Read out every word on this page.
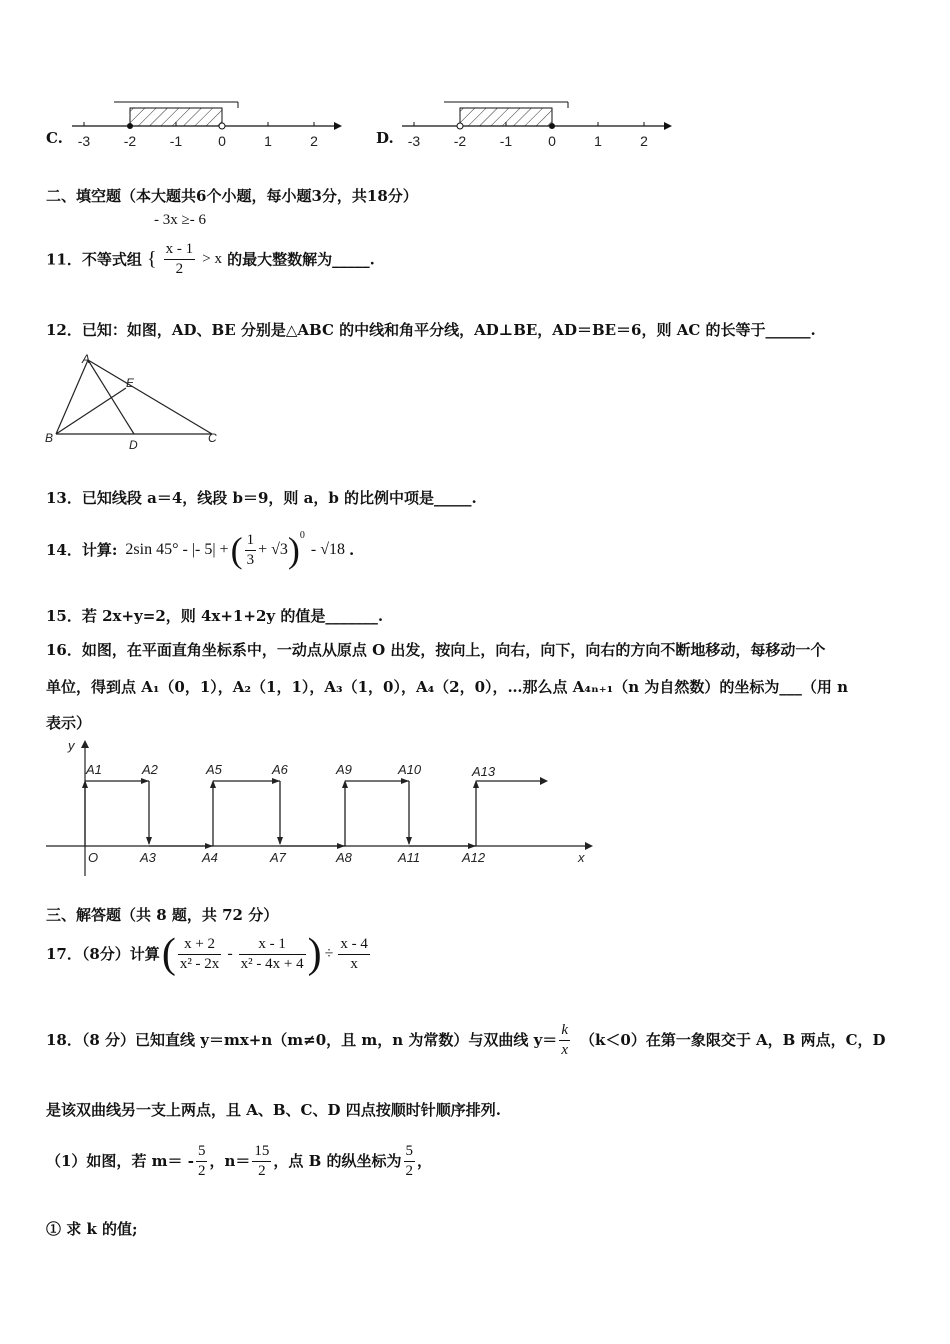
C. -3 -2 -1	0	1	2	D. -3 -2 -1	0	1	2
二、填空题（本大题共6个小题，每小题3分，共18分）
- 3x ≥- 6
11．不等式组 { $\frac{x - 1}{2} > x$ 的最大整数解为_____.
12．已知：如图，AD、BE 分别是△ABC 的中线和角平分线，AD⊥BE，AD＝BE＝6，则 AC 的长等于______.
A
E
B	D	C
13．已知线段 a＝4，线段 b＝9，则 a，b 的比例中项是_____.
14．计算: 2sin 45° - |- 5| + ( $\frac{1}{3} + √3$ ) 0
- √18 .
15．若 2x+y=2，则 4x+1+2y 的值是_______.
16．如图，在平面直角坐标系中，一动点从原点 O 出发，按向上，向右，向下，向右的方向不断地移动，每移动一个
单位，得到点 A₁（0，1），A₂（1，1），A₃（1，0），A₄（2，0），…那么点 A₄ₙ₊₁（n 为自然数）的坐标为___（用 n
表示）
y
x
O
A1	A2	A5	A6	A9	A10	A13
A3	A4	A7	A8	A11	A12
三、解答题（共 8 题，共 72 分）
17．（8分）计算 ( $\frac{x + 2}{\text{x² - 2x}} - \frac{x - 1}{\text{x² - 4x + 4}}$ ) ÷ $\frac{x - 4}{x}$
18．（8 分）已知直线 y＝mx+n（m≠0，且 m，n 为常数）与双曲线 $y= \frac{k}{x} (k<0)$在第一象限交于 A，B 两点，C，D
是该双曲线另一支上两点，且 A、B、C、D 四点按顺时针顺序排列.
（1）如图，若 $m= - \frac{5}{2}$ ，$n= \frac{15}{2}$ ，点 B 的纵坐标为 $\frac{5}{2}$ ，
① 求 k 的值;
